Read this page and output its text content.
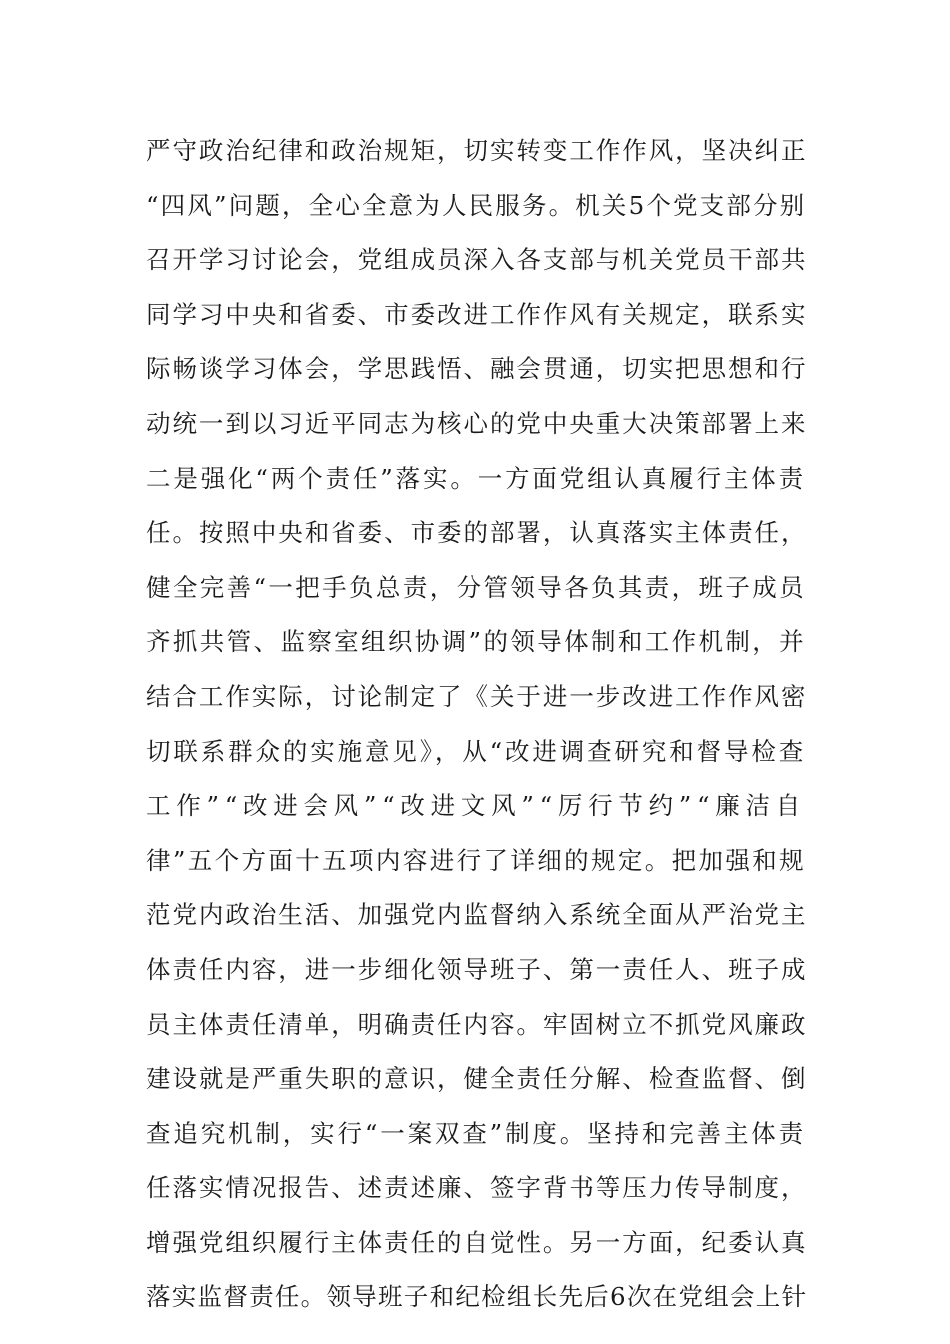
严守政治纪律和政治规矩，切实转变工作作风，坚决纠正
“四风”问题，全心全意为人民服务。机关5个党支部分别
召开学习讨论会，党组成员深入各支部与机关党员干部共
同学习中央和省委、市委改进工作作风有关规定，联系实
际畅谈学习体会，学思践悟、融会贯通，切实把思想和行
动统一到以习近平同志为核心的党中央重大决策部署上来
二是强化“两个责任”落实。一方面党组认真履行主体责
任。按照中央和省委、市委的部署，认真落实主体责任，
健全完善“一把手负总责，分管领导各负其责，班子成员
齐抓共管、监察室组织协调”的领导体制和工作机制，并
结合工作实际，讨论制定了《关于进一步改进工作作风密
切联系群众的实施意见》，从“改进调查研究和督导检查
工作”“改进会风”“改进文风”“厉行节约”“廉洁自
律”五个方面十五项内容进行了详细的规定。把加强和规
范党内政治生活、加强党内监督纳入系统全面从严治党主
体责任内容，进一步细化领导班子、第一责任人、班子成
员主体责任清单，明确责任内容。牢固树立不抓党风廉政
建设就是严重失职的意识，健全责任分解、检查监督、倒
查追究机制，实行“一案双查”制度。坚持和完善主体责
任落实情况报告、述责述廉、签字背书等压力传导制度，
增强党组织履行主体责任的自觉性。另一方面，纪委认真
落实监督责任。领导班子和纪检组长先后6次在党组会上针
